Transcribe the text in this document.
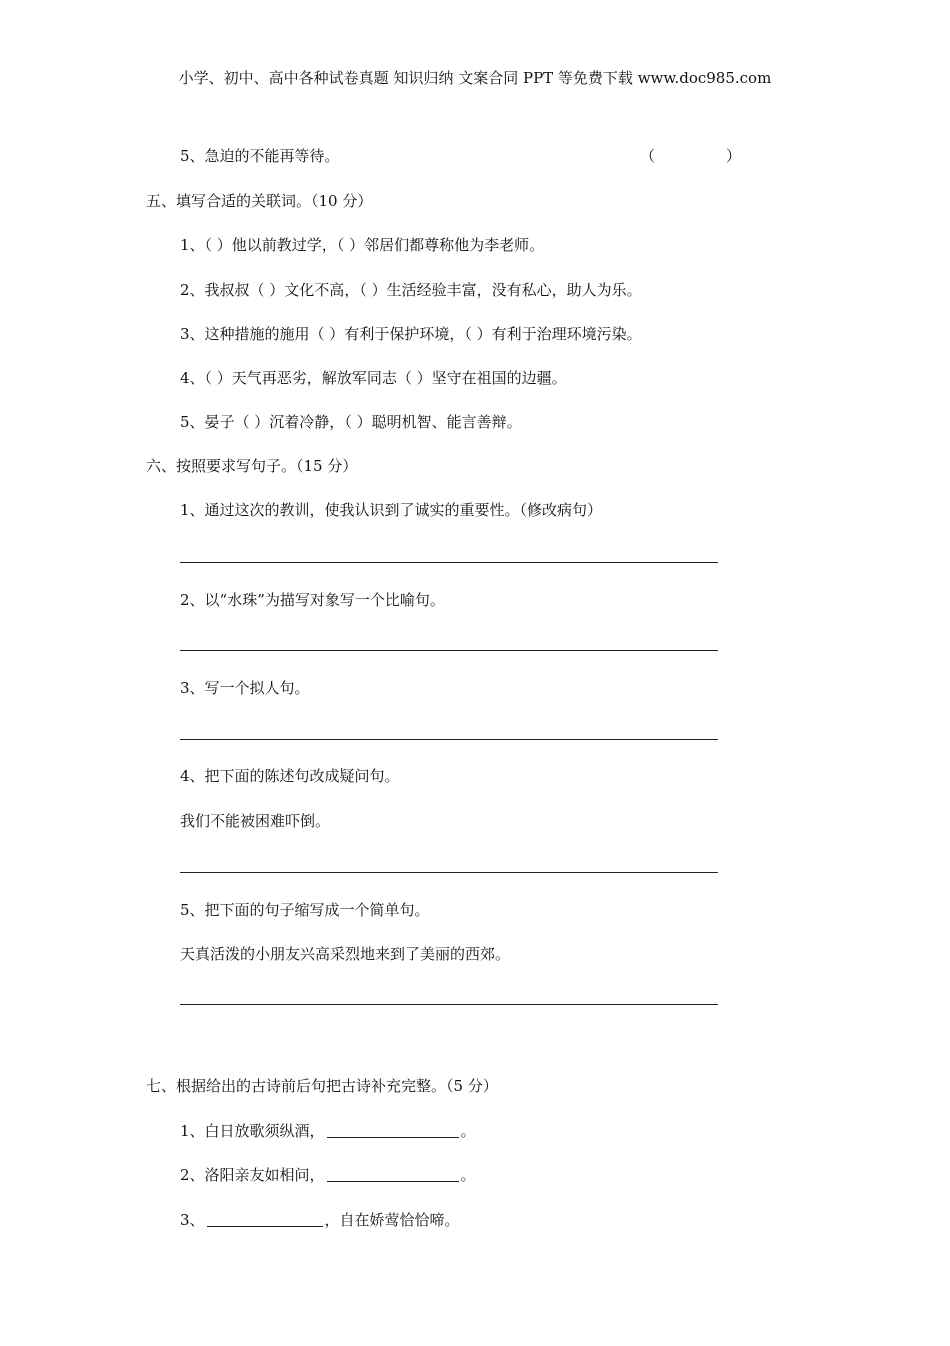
小学、初中、高中各种试卷真题 知识归纳 文案合同 PPT 等免费下载 www.doc985.com
5、急迫的不能再等待。	（	）
五、填写合适的关联词。（10 分）
1、（ ）他以前教过学，（ ）邻居们都尊称他为李老师。
2、我叔叔（ ）文化不高，（ ）生活经验丰富，没有私心，助人为乐。
3、这种措施的施用（ ）有利于保护环境，（ ）有利于治理环境污染。
4、（ ）天气再恶劣，解放军同志（ ）坚守在祖国的边疆。
5、晏子（ ）沉着冷静，（ ）聪明机智、能言善辩。
六、按照要求写句子。（15 分）
1、通过这次的教训，使我认识到了诚实的重要性。（修改病句）
2、以“水珠”为描写对象写一个比喻句。
3、写一个拟人句。
4、把下面的陈述句改成疑问句。
我们不能被困难吓倒。
5、把下面的句子缩写成一个简单句。
天真活泼的小朋友兴高采烈地来到了美丽的西郊。
七、根据给出的古诗前后句把古诗补充完整。（5 分）
1、白日放歌须纵酒，	。
2、洛阳亲友如相问，	。
3、	，自在娇莺恰恰啼。
